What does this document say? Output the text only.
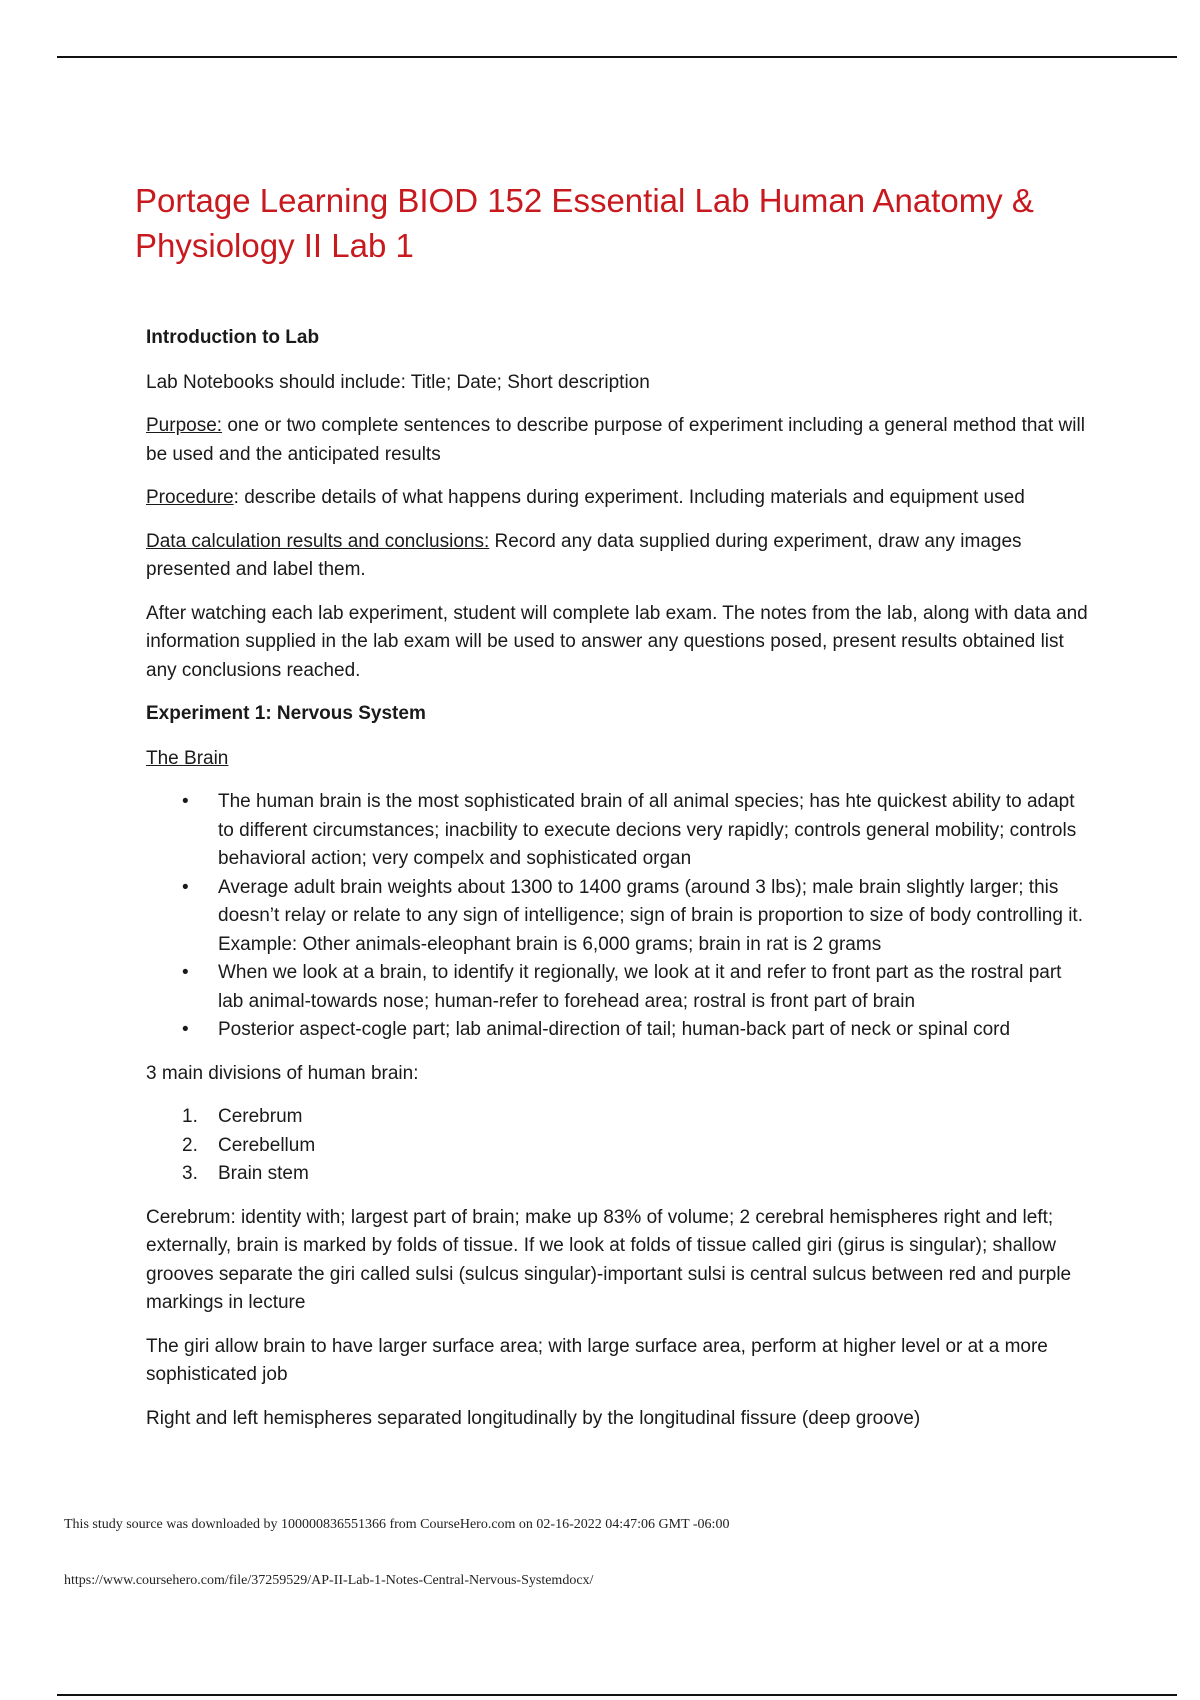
Portage Learning BIOD 152 Essential Lab Human Anatomy & Physiology II Lab 1

Introduction to Lab

Lab Notebooks should include: Title; Date; Short description

Purpose: one or two complete sentences to describe purpose of experiment including a general method that will be used and the anticipated results

Procedure: describe details of what happens during experiment. Including materials and equipment used

Data calculation results and conclusions: Record any data supplied during experiment, draw any images presented and label them.

After watching each lab experiment, student will complete lab exam. The notes from the lab, along with data and information supplied in the lab exam will be used to answer any questions posed, present results obtained list any conclusions reached.

Experiment 1: Nervous System

The Brain

• The human brain is the most sophisticated brain of all animal species; has hte quickest ability to adapt to different circumstances; inacbility to execute decions very rapidly; controls general mobility; controls behavioral action; very compelx and sophisticated organ
• Average adult brain weights about 1300 to 1400 grams (around 3 lbs); male brain slightly larger; this doesn’t relay or relate to any sign of intelligence; sign of brain is proportion to size of body controlling it. Example: Other animals-eleophant brain is 6,000 grams; brain in rat is 2 grams
• When we look at a brain, to identify it regionally, we look at it and refer to front part as the rostral part lab animal-towards nose; human-refer to forehead area; rostral is front part of brain
• Posterior aspect-cogle part; lab animal-direction of tail; human-back part of neck or spinal cord

3 main divisions of human brain:

1. Cerebrum
2. Cerebellum
3. Brain stem

Cerebrum: identity with; largest part of brain; make up 83% of volume; 2 cerebral hemispheres right and left; externally, brain is marked by folds of tissue. If we look at folds of tissue called giri (girus is singular); shallow grooves separate the giri called sulsi (sulcus singular)-important sulsi is central sulcus between red and purple markings in lecture

The giri allow brain to have larger surface area; with large surface area, perform at higher level or at a more sophisticated job

Right and left hemispheres separated longitudinally by the longitudinal fissure (deep groove)

This study source was downloaded by 100000836551366 from CourseHero.com on 02-16-2022 04:47:06 GMT -06:00
https://www.coursehero.com/file/37259529/AP-II-Lab-1-Notes-Central-Nervous-Systemdocx/
